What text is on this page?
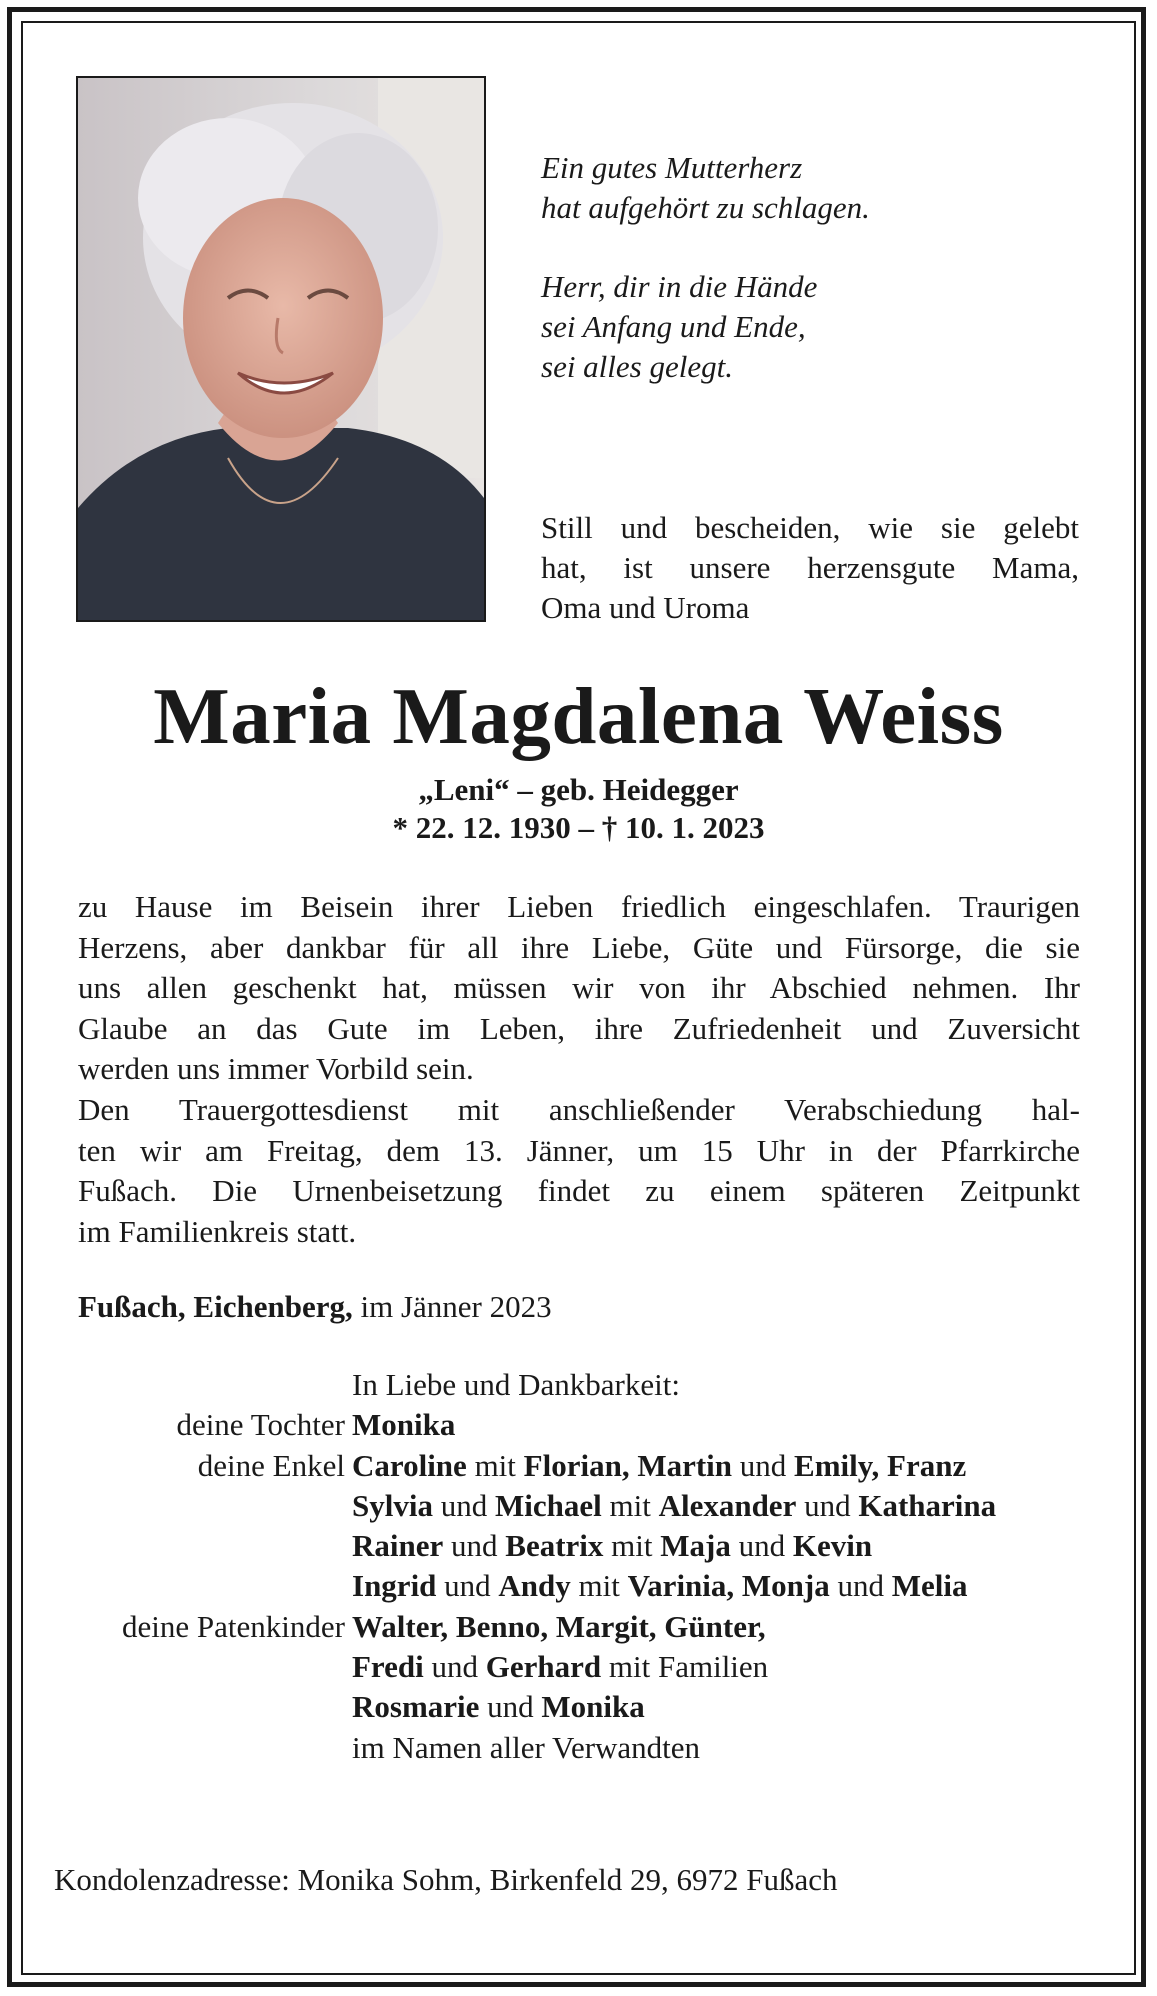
Ein gutes Mutterherz
hat aufgehört zu schlagen.
Herr, dir in die Hände
sei Anfang und Ende,
sei alles gelegt.
Still und bescheiden, wie sie gelebt
hat, ist unsere herzensgute Mama,
Oma und Uroma
Maria Magdalena Weiss

„Leni“ – geb. Heidegger

* 22. 12. 1930 – † 10. 1. 2023

zu Hause im Beisein ihrer Lieben friedlich eingeschlafen. Traurigen
Herzens, aber dankbar für all ihre Liebe, Güte und Fürsorge, die sie
uns allen geschenkt hat, müssen wir von ihr Abschied nehmen. Ihr
Glaube an das Gute im Leben, ihre Zufriedenheit und Zuversicht
werden uns immer Vorbild sein.
Den Trauergottesdienst mit anschließender Verabschiedung hal-
ten wir am Freitag, dem 13. Jänner, um 15 Uhr in der Pfarrkirche
Fußach. Die Urnenbeisetzung findet zu einem späteren Zeitpunkt
im Familienkreis statt.

Fußach, Eichenberg, im Jänner 2023

In Liebe und Dankbarkeit:
deine Tochter Monika
deine Enkel Caroline mit Florian, Martin und Emily, Franz
Sylvia und Michael mit Alexander und Katharina
Rainer und Beatrix mit Maja und Kevin
Ingrid und Andy mit Varinia, Monja und Melia
deine Patenkinder Walter, Benno, Margit, Günter,
Fredi und Gerhard mit Familien
Rosmarie und Monika
im Namen aller Verwandten

Kondolenzadresse: Monika Sohm, Birkenfeld 29, 6972 Fußach
